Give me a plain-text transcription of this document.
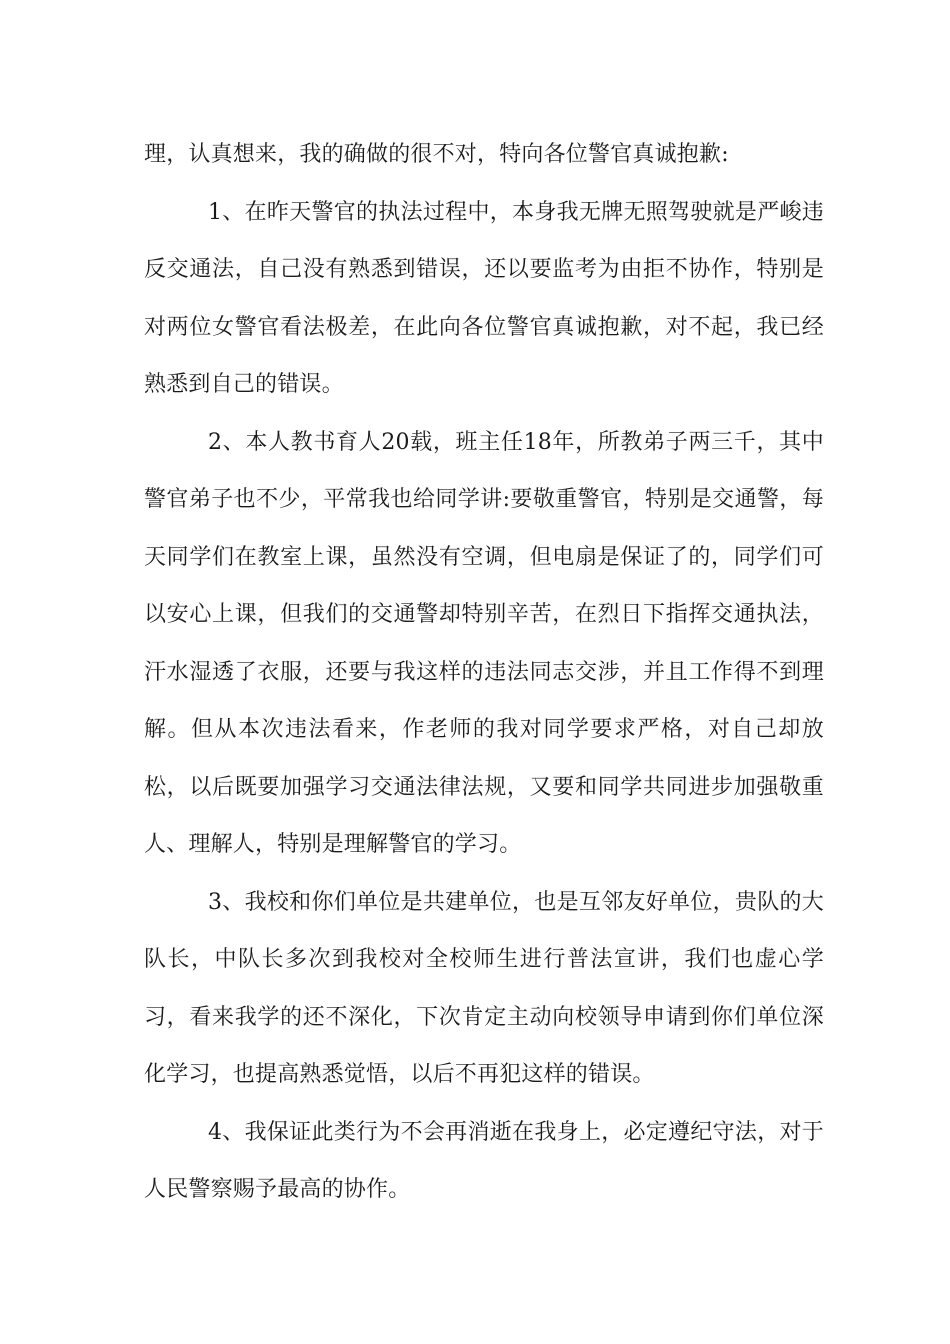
理，认真想来，我的确做的很不对，特向各位警官真诚抱歉:

1、在昨天警官的执法过程中，本身我无牌无照驾驶就是严峻违反交通法，自己没有熟悉到错误，还以要监考为由拒不协作，特别是对两位女警官看法极差，在此向各位警官真诚抱歉，对不起，我已经熟悉到自己的错误。

2、本人教书育人20载，班主任18年，所教弟子两三千，其中警官弟子也不少，平常我也给同学讲:要敬重警官，特别是交通警，每天同学们在教室上课，虽然没有空调，但电扇是保证了的，同学们可以安心上课，但我们的交通警却特别辛苦，在烈日下指挥交通执法，汗水湿透了衣服，还要与我这样的违法同志交涉，并且工作得不到理解。但从本次违法看来，作老师的我对同学要求严格，对自己却放松，以后既要加强学习交通法律法规，又要和同学共同进步加强敬重人、理解人，特别是理解警官的学习。

3、我校和你们单位是共建单位，也是互邻友好单位，贵队的大队长，中队长多次到我校对全校师生进行普法宣讲，我们也虚心学习，看来我学的还不深化，下次肯定主动向校领导申请到你们单位深化学习，也提高熟悉觉悟，以后不再犯这样的错误。

4、我保证此类行为不会再消逝在我身上，必定遵纪守法，对于人民警察赐予最高的协作。
